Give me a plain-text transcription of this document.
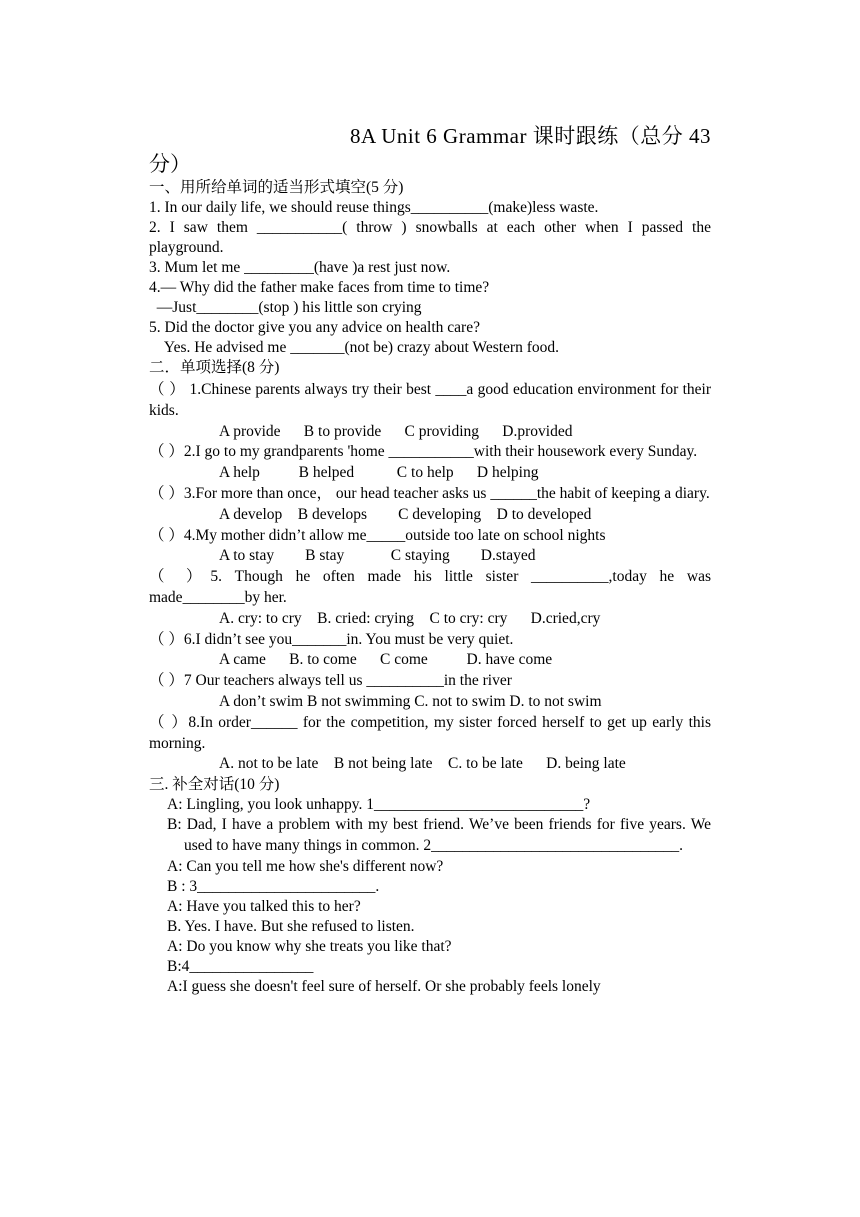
8A Unit 6 Grammar 课时跟练（总分 43
分）
一、用所给单词的适当形式填空(5 分)
1. In our daily life, we should reuse things__________(make)less waste.
2. I saw them ___________( throw ) snowballs at each other when I passed the playground.
3. Mum let me _________(have )a rest just now.
4.— Why did the father make faces from time to time?
—Just________(stop ) his little son crying
5. Did the doctor give you any advice on health care?
Yes. He advised me _______(not be) crazy about Western food.
二．单项选择(8 分)
（ ） 1.Chinese parents always try their best ____a good education environment for their kids.
A provide      B to provide      C providing      D.provided
（ ）2.I go to my grandparents 'home ___________with their housework every Sunday.
A help          B helped           C to help      D helping
（ ）3.For more than once， our head teacher asks us ______the habit of keeping a diary.
A develop    B develops        C developing    D to developed
（ ）4.My mother didn’t allow me_____outside too late on school nights
A to stay        B stay            C staying        D.stayed
（ ）5. Though he often made his little sister __________,today he was made________by her.
A. cry: to cry    B. cried: crying    C to cry: cry      D.cried,cry
（ ）6.I didn’t see you_______in. You must be very quiet.
A came      B. to come      C come          D. have come
（ ）7 Our teachers always tell us __________in the river
A don’t swim B not swimming C. not to swim D. to not swim
（ ）8.In order______ for the competition, my sister forced herself to get up early this morning.
A. not to be late    B not being late    C. to be late      D. being late
三. 补全对话(10 分)
A: Lingling, you look unhappy. 1___________________________?
B: Dad, I have a problem with my best friend. We’ve been friends for five years. We used to have many things in common. 2________________________________.
A: Can you tell me how she's different now?
B : 3_______________________.
A: Have you talked this to her?
B. Yes. I have. But she refused to listen.
A: Do you know why she treats you like that?
B:4________________
A:I guess she doesn't feel sure of herself. Or she probably feels lonely
